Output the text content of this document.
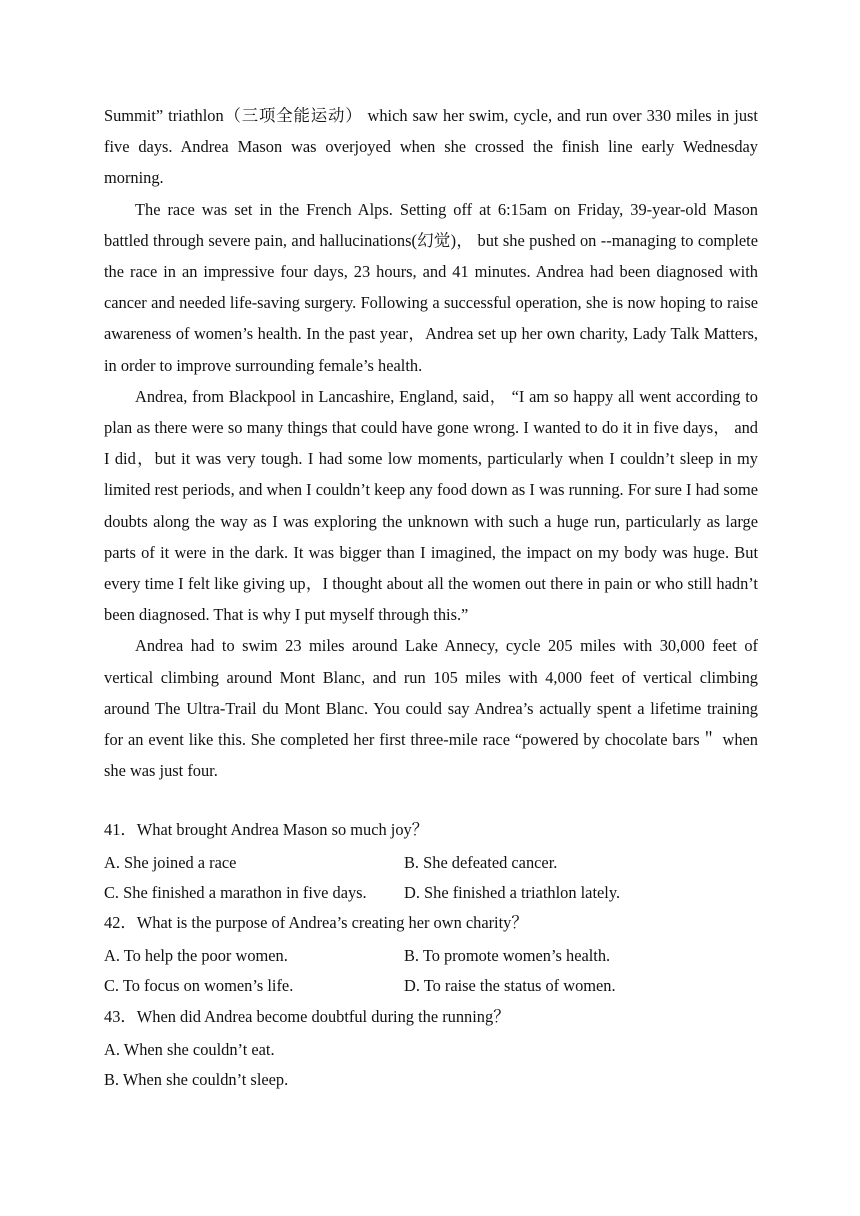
Summit” triathlon（三项全能运动） which saw her swim, cycle, and run over 330 miles in just five days. Andrea Mason was overjoyed when she crossed the finish line early Wednesday morning.

The race was set in the French Alps. Setting off at 6:15am on Friday, 39-year-old Mason battled through severe pain, and hallucinations(幻觉)， but she pushed on --managing to complete the race in an impressive four days, 23 hours, and 41 minutes. Andrea had been diagnosed with cancer and needed life-saving surgery. Following a successful operation, she is now hoping to raise awareness of women’s health. In the past year，Andrea set up her own charity, Lady Talk Matters, in order to improve surrounding female’s health.

Andrea, from Blackpool in Lancashire, England, said， “I am so happy all went according to plan as there were so many things that could have gone wrong. I wanted to do it in five days， and I did，but it was very tough. I had some low moments, particularly when I couldn’t sleep in my limited rest periods, and when I couldn’t keep any food down as I was running. For sure I had some doubts along the way as I was exploring the unknown with such a huge run, particularly as large parts of it were in the dark. It was bigger than I imagined, the impact on my body was huge. But every time I felt like giving up，I thought about all the women out there in pain or who still hadn’t been diagnosed. That is why I put myself through this.”

Andrea had to swim 23 miles around Lake Annecy, cycle 205 miles with 30,000 feet of vertical climbing around Mont Blanc, and run 105 miles with 4,000 feet of vertical climbing around The Ultra-Trail du Mont Blanc. You could say Andrea’s actually spent a lifetime training for an event like this. She completed her first three-mile race “powered by chocolate bars＂ when she was just four.

41．What brought Andrea Mason so much joy？
A. She joined a race	B. She defeated cancer.
C. She finished a marathon in five days.	D. She finished a triathlon lately.
42．What is the purpose of Andrea’s creating her own charity？
A. To help the poor women.	B. To promote women’s health.
C. To focus on women’s life.	D. To raise the status of women.
43．When did Andrea become doubtful during the running？
A. When she couldn’t eat.
B. When she couldn’t sleep.
